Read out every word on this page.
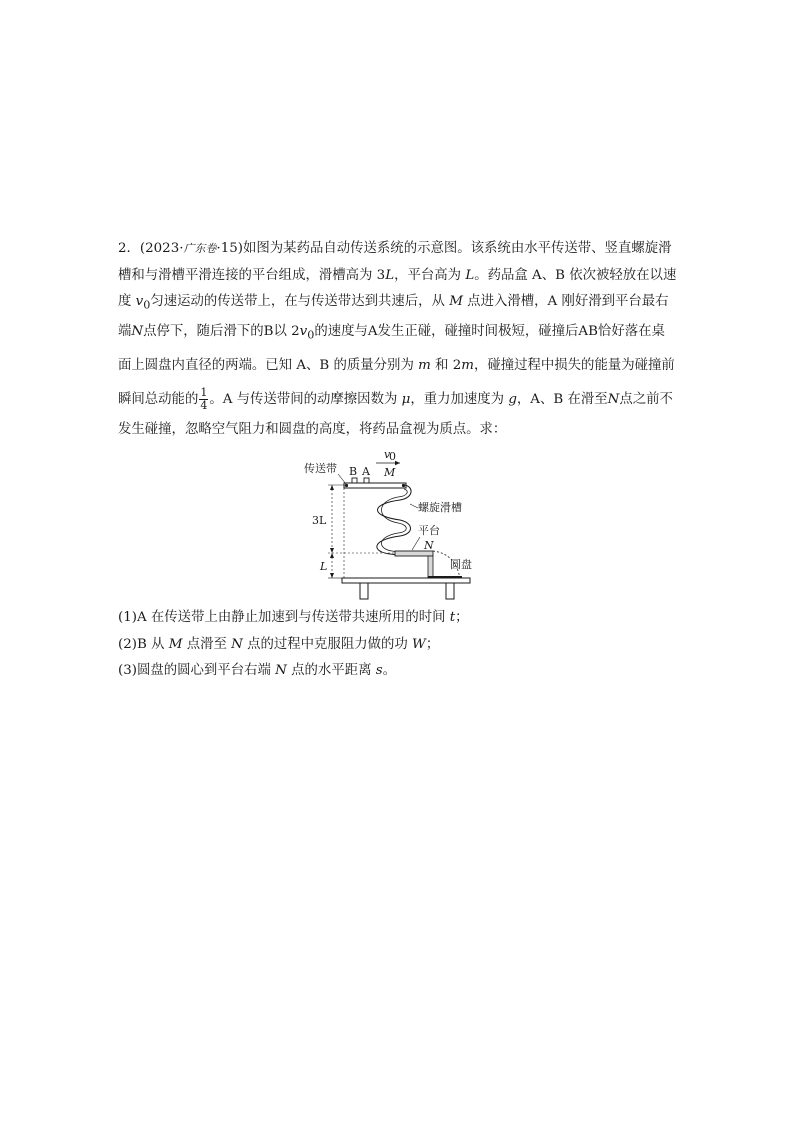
2．(2023·广东卷·15)如图为某药品自动传送系统的示意图。该系统由水平传送带、竖直螺旋滑槽和与滑槽平滑连接的平台组成，滑槽高为 3L，平台高为 L。药品盒 A、B 依次被轻放在以速度 $v_0$匀速运动的传送带上，在与传送带达到共速后，从 M 点进入滑槽，A 刚好滑到平台最右端N点停下，随后滑下的B以 $2v_0$的速度与A发生正碰，碰撞时间极短，碰撞后AB恰好落在桌面上圆盘内直径的两端。已知 A、B 的质量分别为 m 和 2m，碰撞过程中损失的能量为碰撞前瞬间总动能的 $\frac{1}{4}$ 。A 与传送带间的动摩擦因数为 μ，重力加速度为 g，A、B 在滑至N点之前不发生碰撞，忽略空气阻力和圆盘的高度，将药品盒视为质点。求：

B A
v
0
M
传送带
螺旋滑槽
平台
N
圆盘
3L
L

(1)A 在传送带上由静止加速到与传送带共速所用的时间 t；

(2)B 从 M 点滑至 N 点的过程中克服阻力做的功 W；

(3)圆盘的圆心到平台右端 N 点的水平距离 s。
